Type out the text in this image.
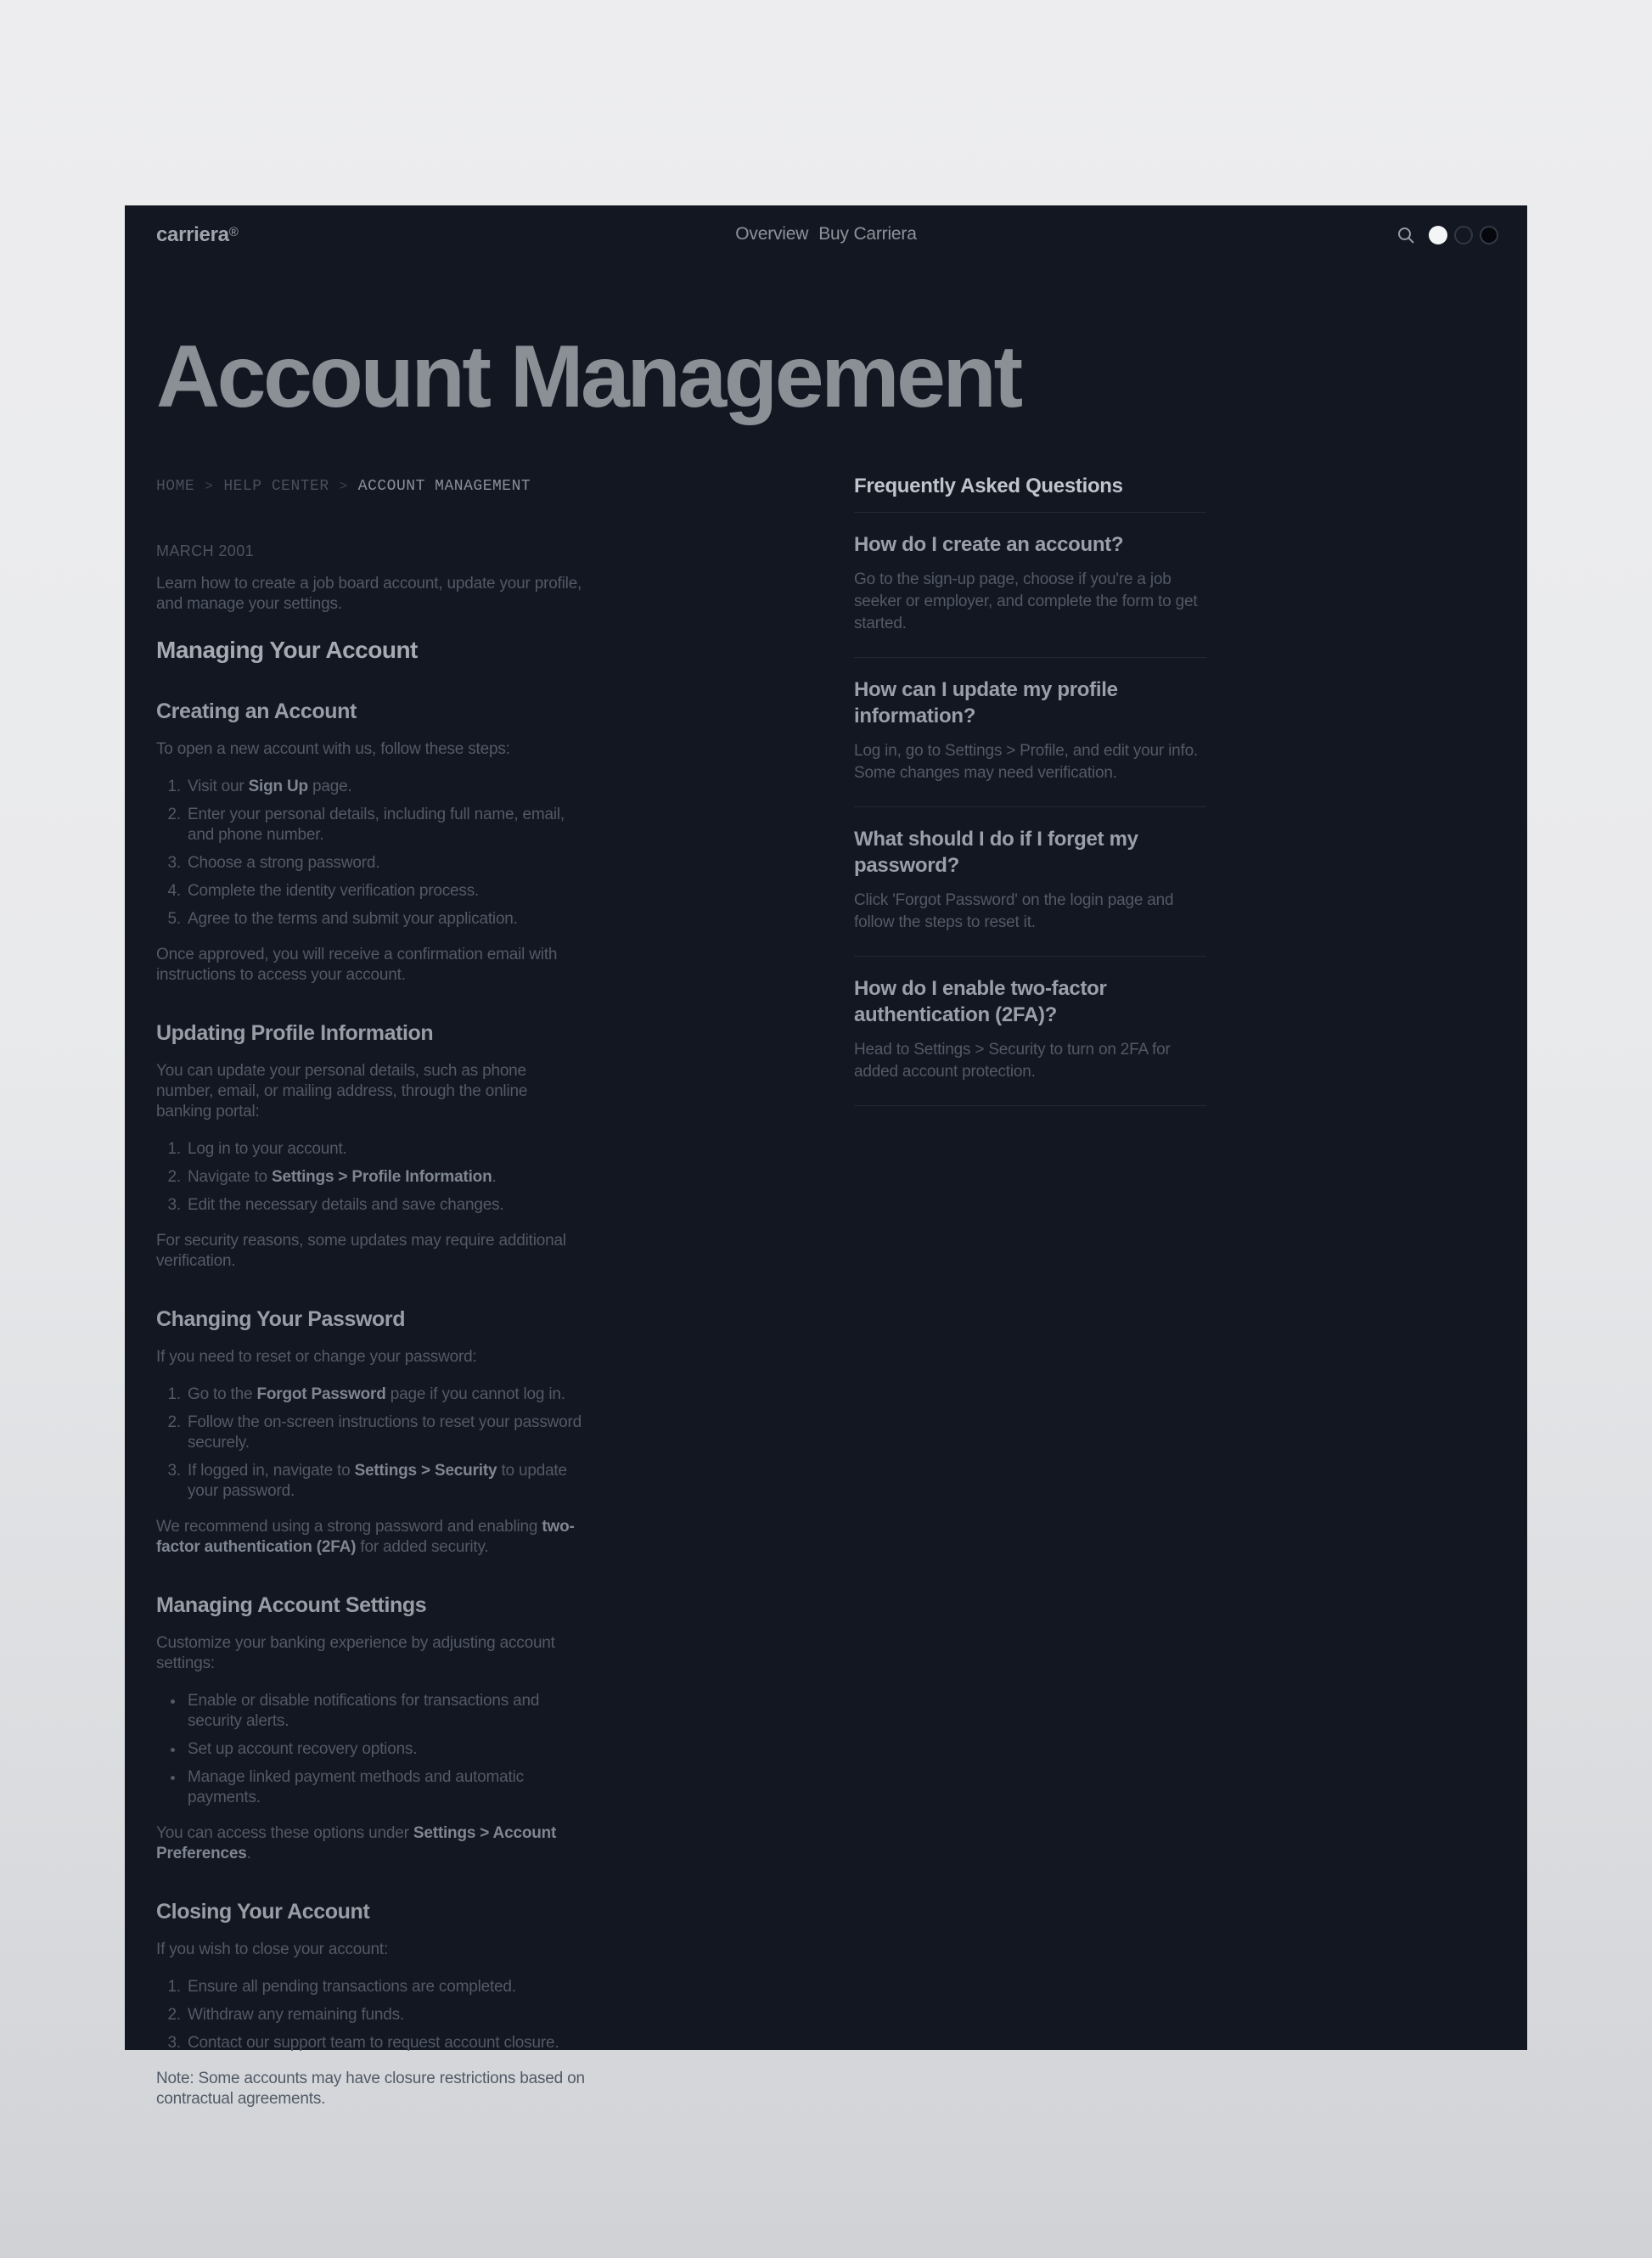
carriera®	Overview Buy Carriera
Account Management
HOME > HELP CENTER > ACCOUNT MANAGEMENT
MARCH 2001

Learn how to create a job board account, update your profile, and manage your settings.

Managing Your Account
Creating an Account

To open a new account with us, follow these steps:

1. Visit our Sign Up page.
2. Enter your personal details, including full name, email, and phone number.
3. Choose a strong password.
4. Complete the identity verification process.
5. Agree to the terms and submit your application.

Once approved, you will receive a confirmation email with instructions to access your account.

Updating Profile Information

You can update your personal details, such as phone number, email, or mailing address, through the online banking portal:

1. Log in to your account.
2. Navigate to Settings > Profile Information.
3. Edit the necessary details and save changes.

For security reasons, some updates may require additional verification.

Changing Your Password

If you need to reset or change your password:

1. Go to the Forgot Password page if you cannot log in.
2. Follow the on-screen instructions to reset your password securely.
3. If logged in, navigate to Settings > Security to update your password.

We recommend using a strong password and enabling two-factor authentication (2FA) for added security.

Managing Account Settings

Customize your banking experience by adjusting account settings:

• Enable or disable notifications for transactions and security alerts.
• Set up account recovery options.
• Manage linked payment methods and automatic payments.

You can access these options under Settings > Account Preferences.

Closing Your Account

If you wish to close your account:

1. Ensure all pending transactions are completed.
2. Withdraw any remaining funds.
3. Contact our support team to request account closure.

Note: Some accounts may have closure restrictions based on contractual agreements.

Frequently Asked Questions
How do I create an account?

Go to the sign-up page, choose if you're a job seeker or employer, and complete the form to get started.

How can I update my profile information?

Log in, go to Settings > Profile, and edit your info. Some changes may need verification.

What should I do if I forget my password?

Click 'Forgot Password' on the login page and follow the steps to reset it.

How do I enable two-factor authentication (2FA)?

Head to Settings > Security to turn on 2FA for added account protection.
